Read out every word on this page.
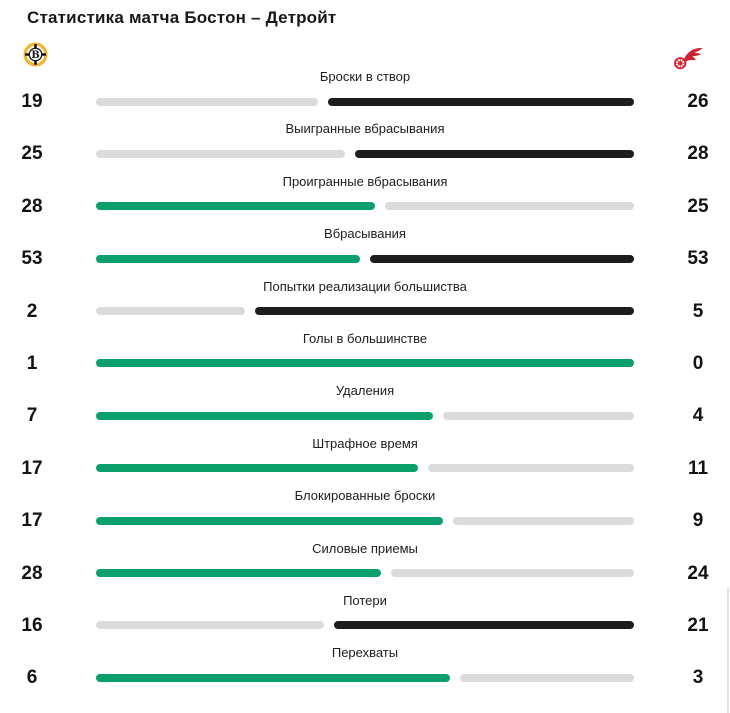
Статистика матча Бостон – Детройт
B
Броски в створ
19	26
Выигранные вбрасывания
25	28
Проигранные вбрасывания
28	25
Вбрасывания
53	53
Попытки реализации большиства
2	5
Голы в большинстве
1	0
Удаления
7	4
Штрафное время
17	11
Блокированные броски
17	9
Силовые приемы
28	24
Потери
16	21
Перехваты
6	3
